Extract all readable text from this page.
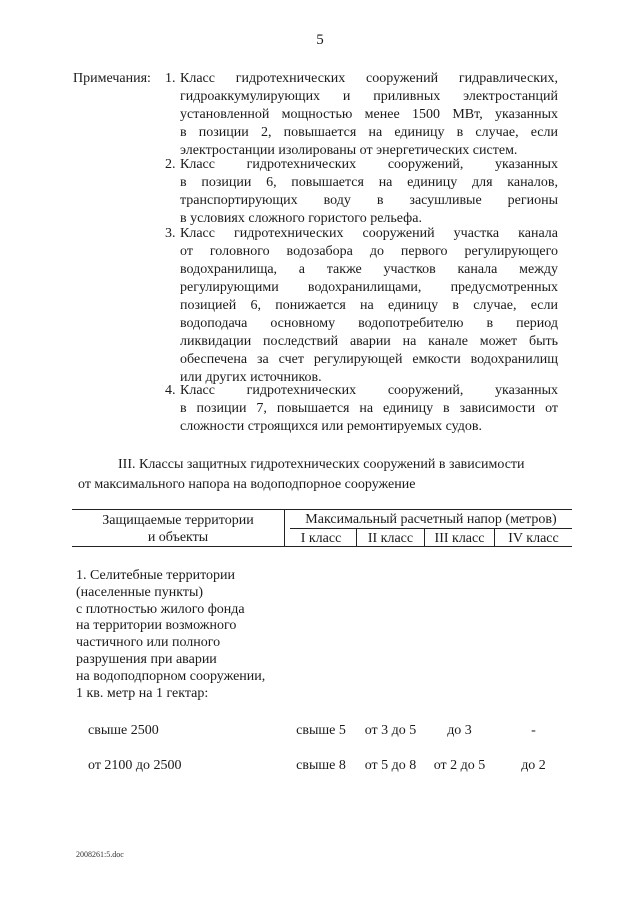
5
Примечания: 1. Класс гидротехнических сооружений гидравлических,
гидроаккумулирующих и приливных электростанций
установленной мощностью менее 1500 МВт, указанных
в позиции 2, повышается на единицу в случае, если
электростанции изолированы от энергетических систем.
2. Класс гидротехнических сооружений, указанных
в позиции 6, повышается на единицу для каналов,
транспортирующих воду в засушливые регионы
в условиях сложного гористого рельефа.
3. Класс гидротехнических сооружений участка канала
от головного водозабора до первого регулирующего
водохранилища, а также участков канала между
регулирующими водохранилищами, предусмотренных
позицией 6, понижается на единицу в случае, если
водоподача основному водопотребителю в период
ликвидации последствий аварии на канале может быть
обеспечена за счет регулирующей емкости водохранилищ
или других источников.
4. Класс гидротехнических сооружений, указанных
в позиции 7, повышается на единицу в зависимости от
сложности строящихся или ремонтируемых судов.
III. Классы защитных гидротехнических сооружений в зависимости
от максимального напора на водоподпорное сооружение
Защищаемые территории
и объекты
Максимальный расчетный напор (метров)
I класс	II класс	III класс	IV класс
1. Селитебные территории
(населенные пункты)
с плотностью жилого фонда
на территории возможного
частичного или полного
разрушения при аварии
на водоподпорном сооружении,
1 кв. метр на 1 гектар:
свыше 2500	свыше 5	от 3 до 5	до 3	-
от 2100 до 2500	свыше 8	от 5 до 8	от 2 до 5	до 2
2008261:5.doc
